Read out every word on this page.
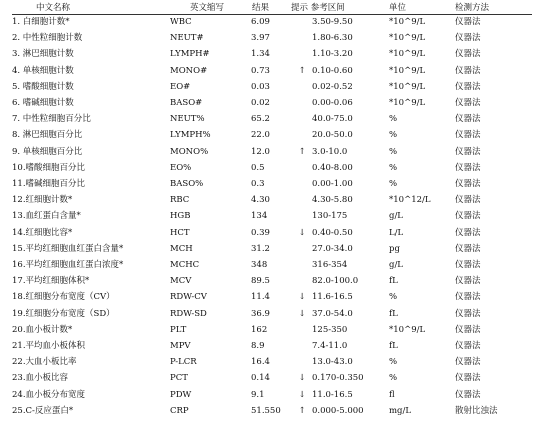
中文名称	英文缩写	结果	提示 参考区间	单位	检测方法
1. 白细胞计数*	WBC	6.09	3.50-9.50	*10^9/L	仪器法
2. 中性粒细胞计数	NEUT#	3.97	1.80-6.30	*10^9/L	仪器法
3. 淋巴细胞计数	LYMPH#	1.34	1.10-3.20	*10^9/L	仪器法
4. 单核细胞计数	MONO#	0.73	↑ 0.10-0.60	*10^9/L	仪器法
5. 嗜酸细胞计数	EO#	0.03	0.02-0.52	*10^9/L	仪器法
6. 嗜碱细胞计数	BASO#	0.02	0.00-0.06	*10^9/L	仪器法
7. 中性粒细胞百分比	NEUT%	65.2	40.0-75.0	%	仪器法
8. 淋巴细胞百分比	LYMPH%	22.0	20.0-50.0	%	仪器法
9. 单核细胞百分比	MONO%	12.0	↑ 3.0-10.0	%	仪器法
10.嗜酸细胞百分比	EO%	0.5	0.40-8.00	%	仪器法
11.嗜碱细胞百分比	BASO%	0.3	0.00-1.00	%	仪器法
12.红细胞计数*	RBC	4.30	4.30-5.80	*10^12/L	仪器法
13.血红蛋白含量*	HGB	134	130-175	g/L	仪器法
14.红细胞比容*	HCT	0.39	↓ 0.40-0.50	L/L	仪器法
15.平均红细胞血红蛋白含量*	MCH	31.2	27.0-34.0	pg	仪器法
16.平均红细胞血红蛋白浓度*	MCHC	348	316-354	g/L	仪器法
17.平均红细胞体积*	MCV	89.5	82.0-100.0	fL	仪器法
18.红细胞分布宽度（CV）	RDW-CV	11.4	↓ 11.6-16.5	%	仪器法
19.红细胞分布宽度（SD）	RDW-SD	36.9	↓ 37.0-54.0	fL	仪器法
20.血小板计数*	PLT	162	125-350	*10^9/L	仪器法
21.平均血小板体积	MPV	8.9	7.4-11.0	fL	仪器法
22.大血小板比率	P-LCR	16.4	13.0-43.0	%	仪器法
23.血小板比容	PCT	0.14	↓ 0.170-0.350	%	仪器法
24.血小板分布宽度	PDW	9.1	↓ 11.0-16.5	fl	仪器法
25.C-反应蛋白*	CRP	51.550 ↑ 0.000-5.000	mg/L	散射比浊法
